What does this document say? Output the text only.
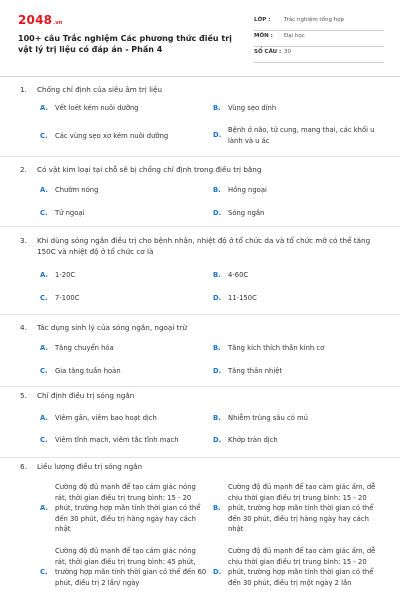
2048.vn
100+ câu Trắc nghiệm Các phương thức điều trị vật lý trị liệu có đáp án - Phần 4
LỚP : Trắc nghiệm tổng hợp
MÔN : Đại học
SỐ CÂU : 30
1. Chống chỉ định của siêu âm trị liệu
A. Vết loét kém nuôi dưỡng	B. Vùng sẹo dính
C. Các vùng sẹo xơ kém nuôi dưỡng	D.
Bệnh ở não, tử cung, mang thai, các khối u lành và u ác
2. Có vật kim loại tại chỗ sẽ bị chống chỉ định trong điều trị bằng
A. Chườm nóng	B. Hồng ngoại
C. Tử ngoại	D. Sóng ngắn
3.	Khi dùng sóng ngắn điều trị cho bệnh nhân, nhiệt độ ở tổ chức da và tổ chức mỡ có thể tăng 150C và nhiệt độ ở tổ chức cơ là
A. 1-20C	B. 4-60C
C. 7-100C	D. 11-150C
4. Tác dụng sinh lý của sóng ngắn, ngoại trừ
A. Tăng chuyển hóa	B. Tăng kích thích thần kinh cơ
C. Gia tăng tuần hoàn	D. Tăng thân nhiệt
5. Chỉ định điều trị sóng ngắn
A. Viêm gân, viêm bao hoạt dịch	B. Nhiễm trùng sâu có mủ
C. Viêm tĩnh mạch, viêm tắc tĩnh mạch	D. Khớp tràn dịch
6. Liều lượng điều trị sóng ngắn
A.
Cường độ đủ mạnh để tạo cảm giác nóng rát, thời gian điều trị trung bình: 15 - 20 phút, trường hợp mãn tính thời gian có thể đến 30 phút, điều trị hàng ngày hay cách nhật
B.
Cường độ đủ mạnh để tạo cảm giác ấm, dễ chịu thời gian điều trị trung bình: 15 - 20 phút, trường hợp mãn tính thời gian có thể đến 30 phút, điều trị hàng ngày hay cách nhật
C.
Cường độ đủ mạnh để tạo cảm giác nóng rát, thời gian điều trị trung bình: 45 phút, trường hợp mãn tính thời gian có thể đến 60 phút, điều trị 2 lần/ ngày
D.
Cường độ đủ mạnh để tạo cảm giác ấm, dễ chịu thời gian điều trị trung bình: 15 - 20 phút, trường hợp mãn tính thời gian có thể đến 30 phút, điều trị một ngày 2 lần
